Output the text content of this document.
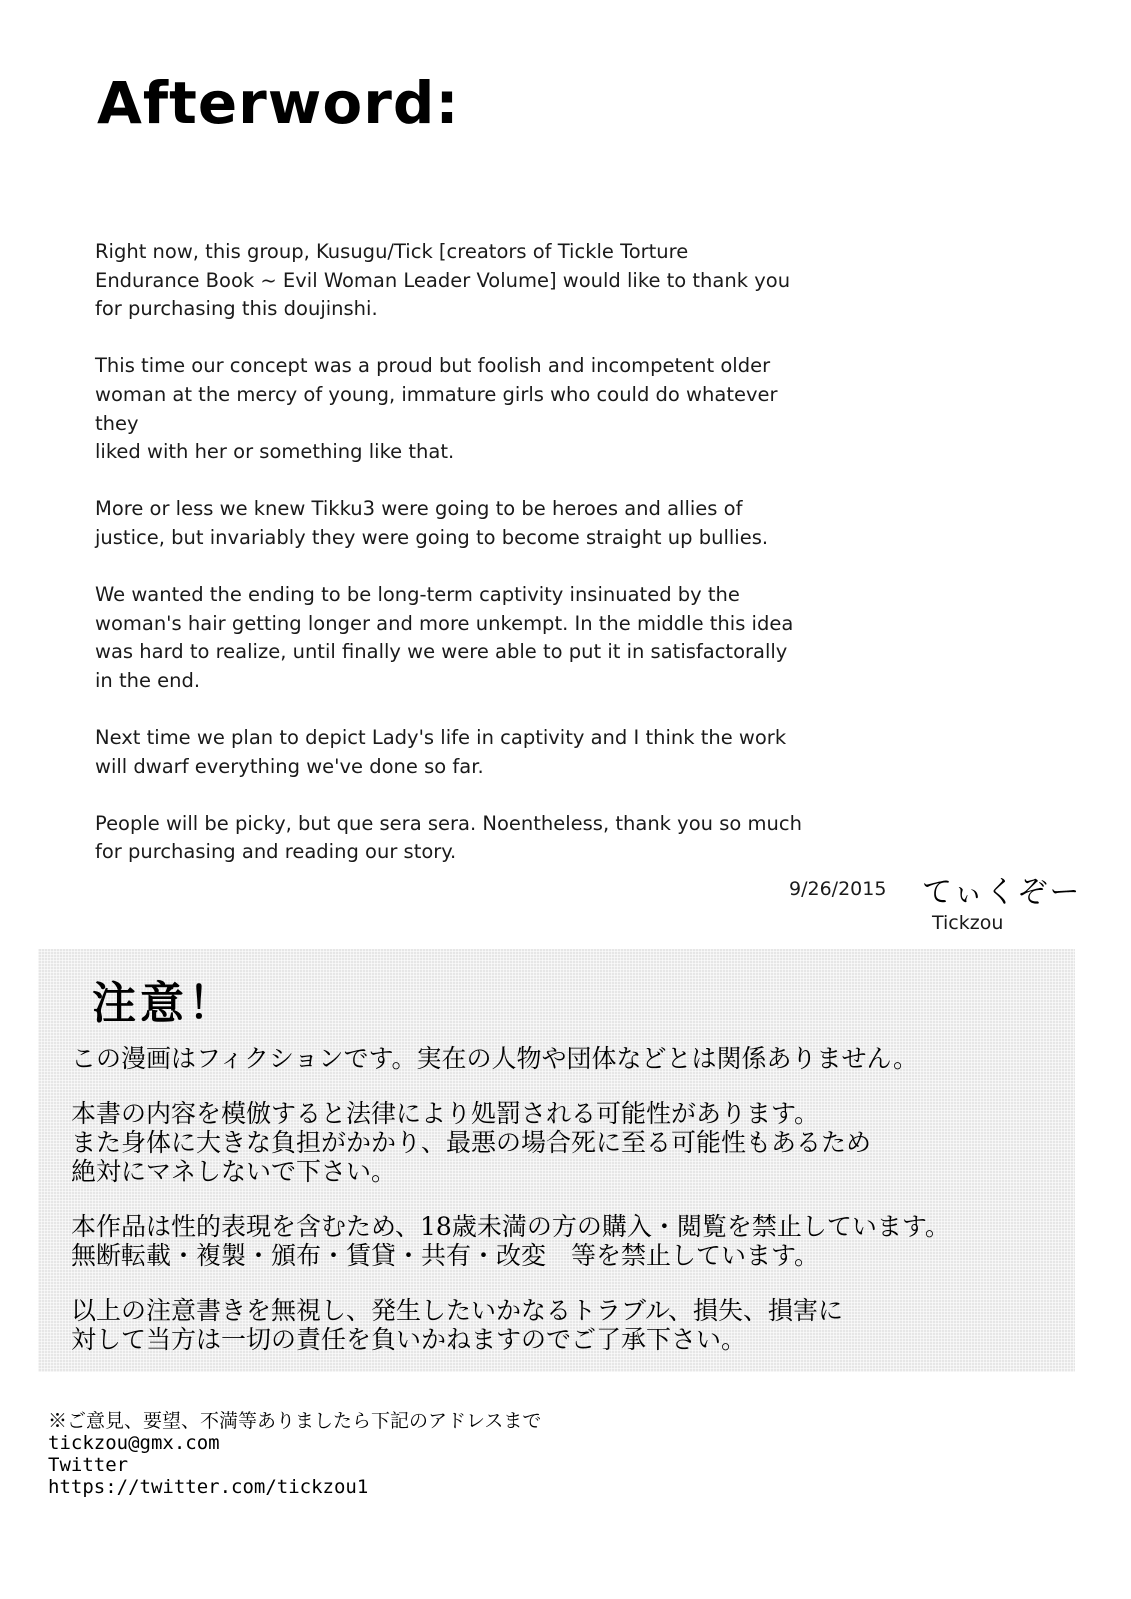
Afterword:

Right now, this group, Kusugu/Tick [creators of Tickle Torture
Endurance Book ~ Evil Woman Leader Volume] would like to thank you
for purchasing this doujinshi.

This time our concept was a proud but foolish and incompetent older
woman at the mercy of young, immature girls who could do whatever they
liked with her or something like that.

More or less we knew Tikku3 were going to be heroes and allies of
justice, but invariably they were going to become straight up bullies.

We wanted the ending to be long-term captivity insinuated by the
woman's hair getting longer and more unkempt. In the middle this idea
was hard to realize, until finally we were able to put it in satisfactorally
in the end.

Next time we plan to depict Lady's life in captivity and I think the work
will dwarf everything we've done so far.

People will be picky, but que sera sera. Noentheless, thank you so much
for purchasing and reading our story.

9/26/2015 てぃくぞー
Tickzou
注意！

この漫画はフィクションです。実在の人物や団体などとは関係ありません。

本書の内容を模倣すると法律により処罰される可能性があります。
また身体に大きな負担がかかり、最悪の場合死に至る可能性もあるため
絶対にマネしないで下さい。

本作品は性的表現を含むため、18歳未満の方の購入・閲覧を禁止しています。
無断転載・複製・頒布・賃貸・共有・改変　等を禁止しています。

以上の注意書きを無視し、発生したいかなるトラブル、損失、損害に
対して当方は一切の責任を負いかねますのでご了承下さい。

※ご意見、要望、不満等ありましたら下記のアドレスまで
tickzou@gmx.com
Twitter
https://twitter.com/tickzou1
